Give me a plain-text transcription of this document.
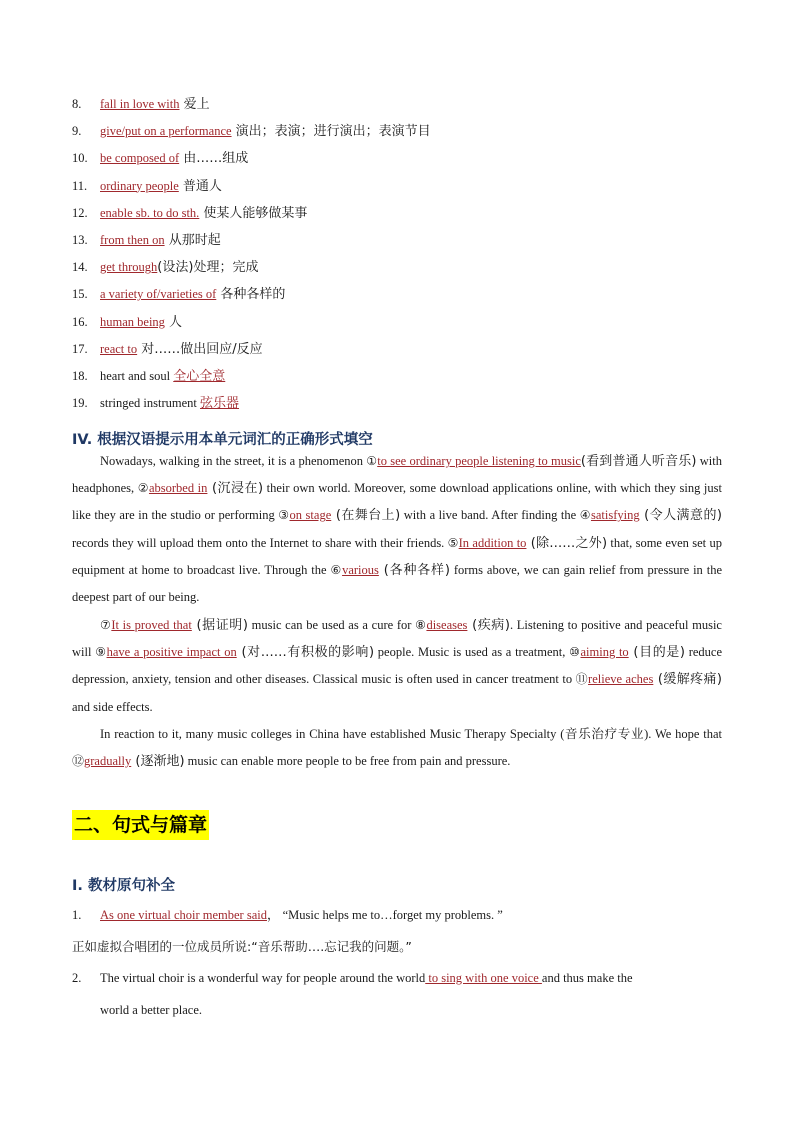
8. fall in love with 爱上
9. give/put on a performance 演出；表演；进行演出；表演节目
10. be composed of 由……组成
11. ordinary people 普通人
12. enable sb. to do sth. 使某人能够做某事
13. from then on 从那时起
14. get through(设法)处理；完成
15. a variety of/varieties of 各种各样的
16. human being 人
17. react to 对……做出回应/反应
18. heart and soul 全心全意
19. stringed instrument 弦乐器
IV. 根据汉语提示用本单元词汇的正确形式填空
Nowadays, walking in the street, it is a phenomenon ①to see ordinary people listening to music(看到普通人听音乐) with headphones, ②absorbed in (沉浸在) their own world. Moreover, some download applications online, with which they sing just like they are in the studio or performing ③on stage (在舞台上) with a live band. After finding the ④satisfying (令人满意的) records they will upload them onto the Internet to share with their friends. ⑤In addition to (除……之外) that, some even set up equipment at home to broadcast live. Through the ⑥various (各种各样) forms above, we can gain relief from pressure in the deepest part of our being.
⑦It is proved that (据证明) music can be used as a cure for ⑧diseases (疾病). Listening to positive and peaceful music will ⑨have a positive impact on (对……有积极的影响) people. Music is used as a treatment, ⑩aiming to (目的是) reduce depression, anxiety, tension and other diseases. Classical music is often used in cancer treatment to ⑪relieve aches (缓解疼痛) and side effects.
In reaction to it, many music colleges in China have established Music Therapy Specialty (音乐治疗专业). We hope that ⑫gradually (逐渐地) music can enable more people to be free from pain and pressure.
二、句式与篇章
I. 教材原句补全
1. As one virtual choir member said， “Music helps me to…forget my problems. ”
正如虚拟合唱团的一位成员所说:“音乐帮助….忘记我的问题。”
2. The virtual choir is a wonderful way for people around the world to sing with one voice and thus make the
world a better place.
